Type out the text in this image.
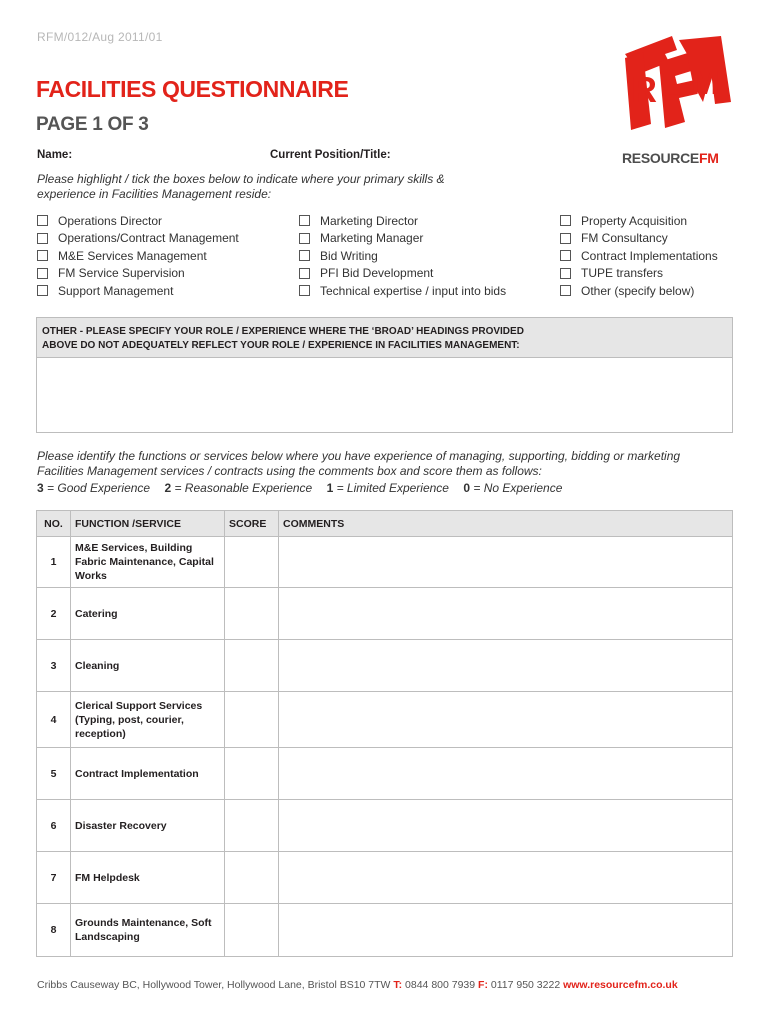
RFM/012/Aug 2011/01
FACILITIES QUESTIONNAIRE
PAGE 1 OF 3
Name:	Current Position/Title:
R F
M
RESOURCEFM
Please highlight / tick the boxes below to indicate where your primary skills & experience in Facilities Management reside:
Operations Director
Operations/Contract Management
M&E Services Management
FM Service Supervision
Support Management
Marketing Director
Marketing Manager
Bid Writing
PFI Bid Development
Technical expertise / input into bids
Property Acquisition
FM Consultancy
Contract Implementations
TUPE transfers
Other (specify below)
OTHER - PLEASE SPECIFY YOUR ROLE / EXPERIENCE WHERE THE ‘BROAD’ HEADINGS PROVIDED
ABOVE DO NOT ADEQUATELY REFLECT YOUR ROLE / EXPERIENCE IN FACILITIES MANAGEMENT:
Please identify the functions or services below where you have experience of managing, supporting, bidding or marketing Facilities Management services / contracts using the comments box and score them as follows:
3 = Good Experience 2 = Reasonable Experience 1 = Limited Experience 0 = No Experience
NO.	FUNCTION /SERVICE	SCORE	COMMENTS
1	M&E Services, Building Fabric Maintenance, Capital Works		
2	Catering		
3	Cleaning		
4	Clerical Support Services (Typing, post, courier, reception)		
5	Contract Implementation		
6	Disaster Recovery		
7	FM Helpdesk		
8	Grounds Maintenance, Soft Landscaping		
Cribbs Causeway BC, Hollywood Tower, Hollywood Lane, Bristol BS10 7TW T: 0844 800 7939 F: 0117 950 3222 www.resourcefm.co.uk
